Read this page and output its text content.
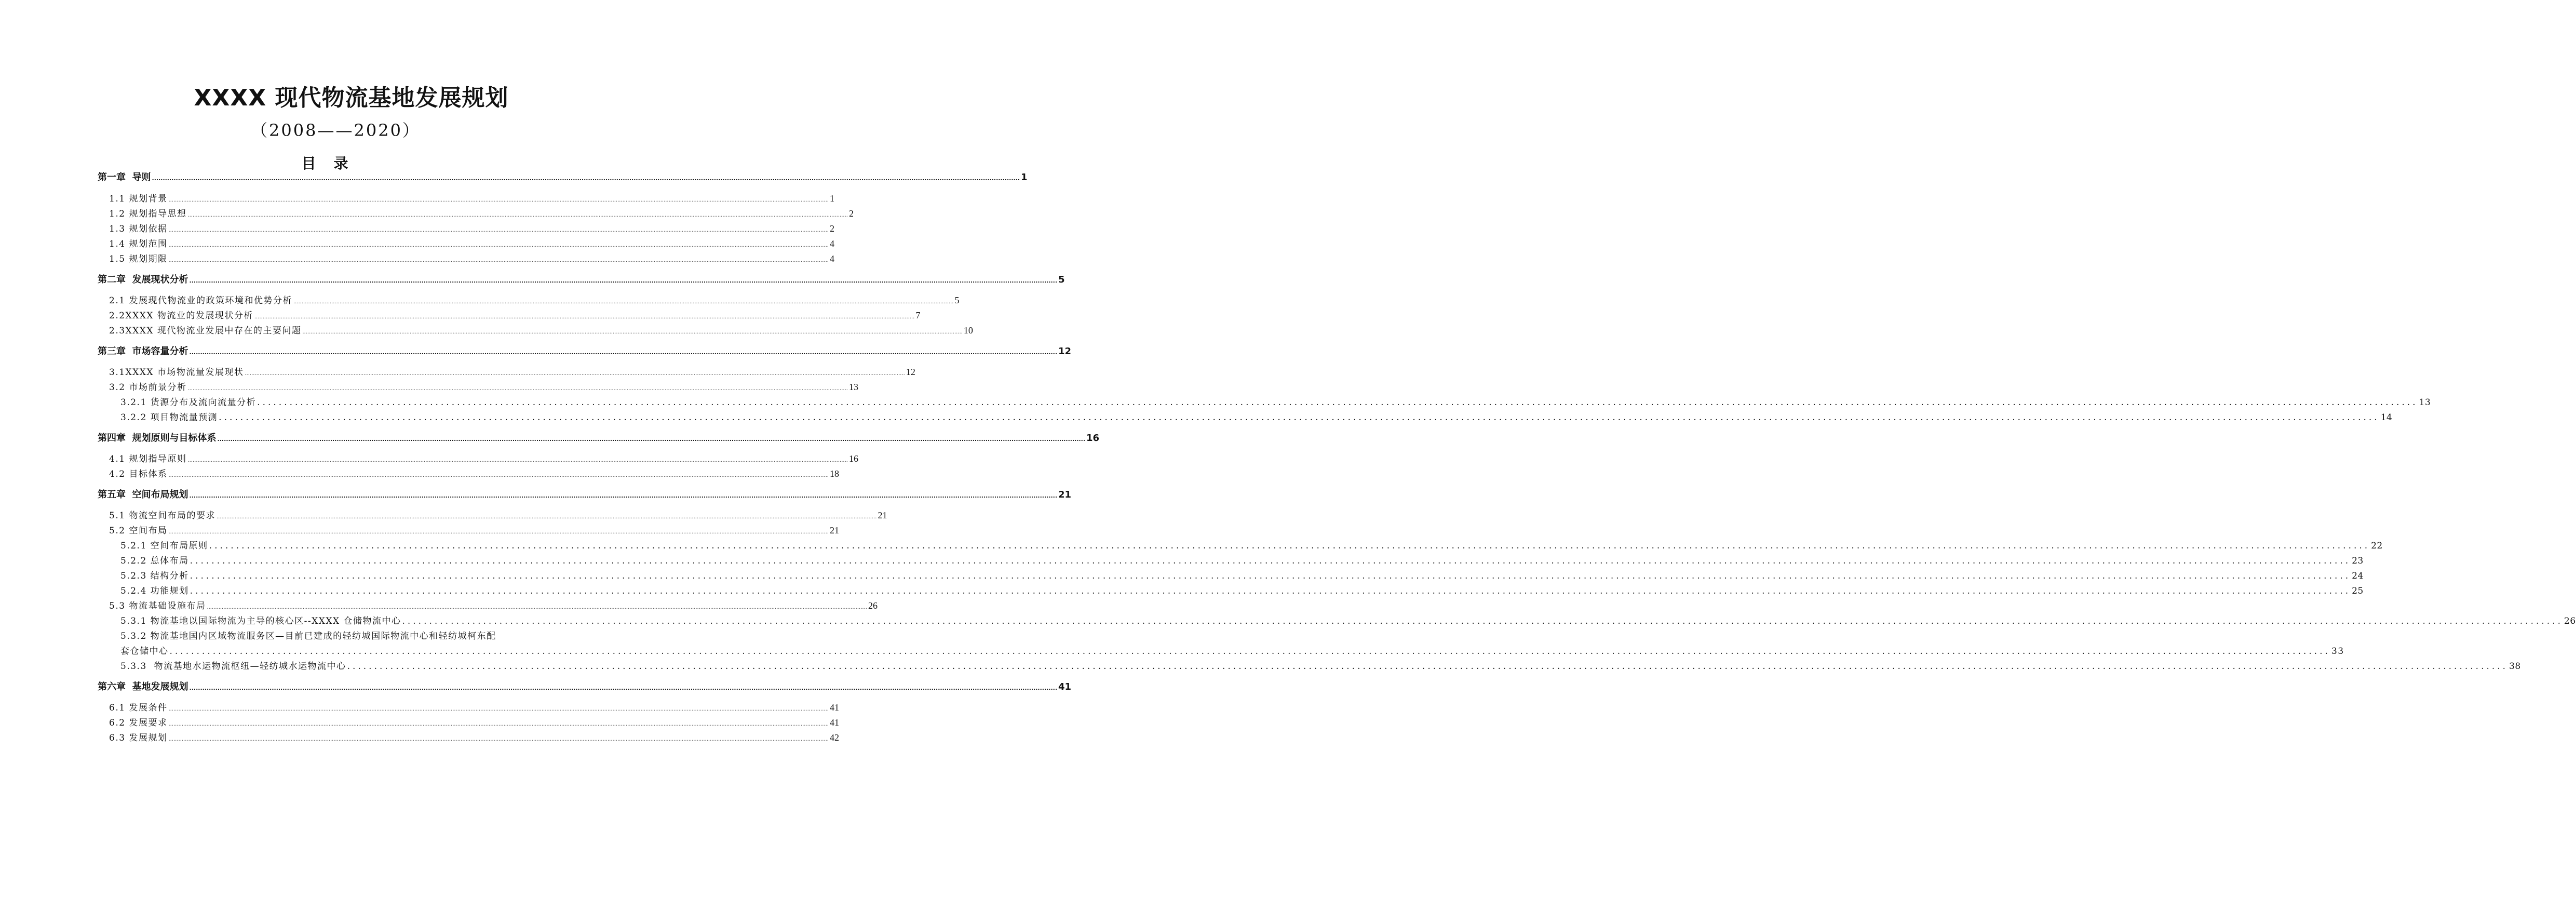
XXXX 现代物流基地发展规划
（2008——2020）
目录
第一章  导则 ................................................................................................................................................................................................................................................................................................................................................................................................................ 1
1.1 规划背景 ................................................................................................................................................................................................................................................................................................................................................................................................................ 1
1.2 规划指导思想 ................................................................................................................................................................................................................................................................................................................................................................................................................ 2
1.3 规划依据 ................................................................................................................................................................................................................................................................................................................................................................................................................ 2
1.4 规划范围 ................................................................................................................................................................................................................................................................................................................................................................................................................ 4
1.5 规划期限 ................................................................................................................................................................................................................................................................................................................................................................................................................ 4
第二章  发展现状分析 ................................................................................................................................................................................................................................................................................................................................................................................................................ 5
2.1 发展现代物流业的政策环境和优势分析 ................................................................................................................................................................................................................................................................................................................................................................................................................ 5
2.2XXXX 物流业的发展现状分析 ................................................................................................................................................................................................................................................................................................................................................................................................................ 7
2.3XXXX 现代物流业发展中存在的主要问题 ................................................................................................................................................................................................................................................................................................................................................................................................................ 10
第三章  市场容量分析 ................................................................................................................................................................................................................................................................................................................................................................................................................ 12
3.1XXXX 市场物流量发展现状 ................................................................................................................................................................................................................................................................................................................................................................................................................ 12
3.2 市场前景分析 ................................................................................................................................................................................................................................................................................................................................................................................................................ 13
3.2.1 货源分布及流向流量分析 ................................................................................................................................................................................................................................................................................................................................................................................................................ 13
3.2.2 项目物流量预测 ................................................................................................................................................................................................................................................................................................................................................................................................................ 14
第四章  规划原则与目标体系 ................................................................................................................................................................................................................................................................................................................................................................................................................ 16
4.1 规划指导原则 ................................................................................................................................................................................................................................................................................................................................................................................................................ 16
4.2 目标体系 ................................................................................................................................................................................................................................................................................................................................................................................................................ 18
第五章  空间布局规划 ................................................................................................................................................................................................................................................................................................................................................................................................................ 21
5.1 物流空间布局的要求 ................................................................................................................................................................................................................................................................................................................................................................................................................ 21
5.2 空间布局 ................................................................................................................................................................................................................................................................................................................................................................................................................ 21
5.2.1 空间布局原则 ................................................................................................................................................................................................................................................................................................................................................................................................................ 22
5.2.2 总体布局 ................................................................................................................................................................................................................................................................................................................................................................................................................ 23
5.2.3 结构分析 ................................................................................................................................................................................................................................................................................................................................................................................................................ 24
5.2.4 功能规划 ................................................................................................................................................................................................................................................................................................................................................................................................................ 25
5.3 物流基础设施布局 ................................................................................................................................................................................................................................................................................................................................................................................................................ 26
5.3.1 物流基地以国际物流为主导的核心区--XXXX 仓储物流中心 ................................................................................................................................................................................................................................................................................................................................................................................................................ 26
5.3.2 物流基地国内区域物流服务区—目前已建成的轻纺城国际物流中心和轻纺城柯东配
套仓储中心 ................................................................................................................................................................................................................................................................................................................................................................................................................ 33
5.3.3  物流基地水运物流枢纽—轻纺城水运物流中心 ................................................................................................................................................................................................................................................................................................................................................................................................................ 38
第六章  基地发展规划 ................................................................................................................................................................................................................................................................................................................................................................................................................ 41
6.1 发展条件 ................................................................................................................................................................................................................................................................................................................................................................................................................ 41
6.2 发展要求 ................................................................................................................................................................................................................................................................................................................................................................................................................ 41
6.3 发展规划 ................................................................................................................................................................................................................................................................................................................................................................................................................ 42
